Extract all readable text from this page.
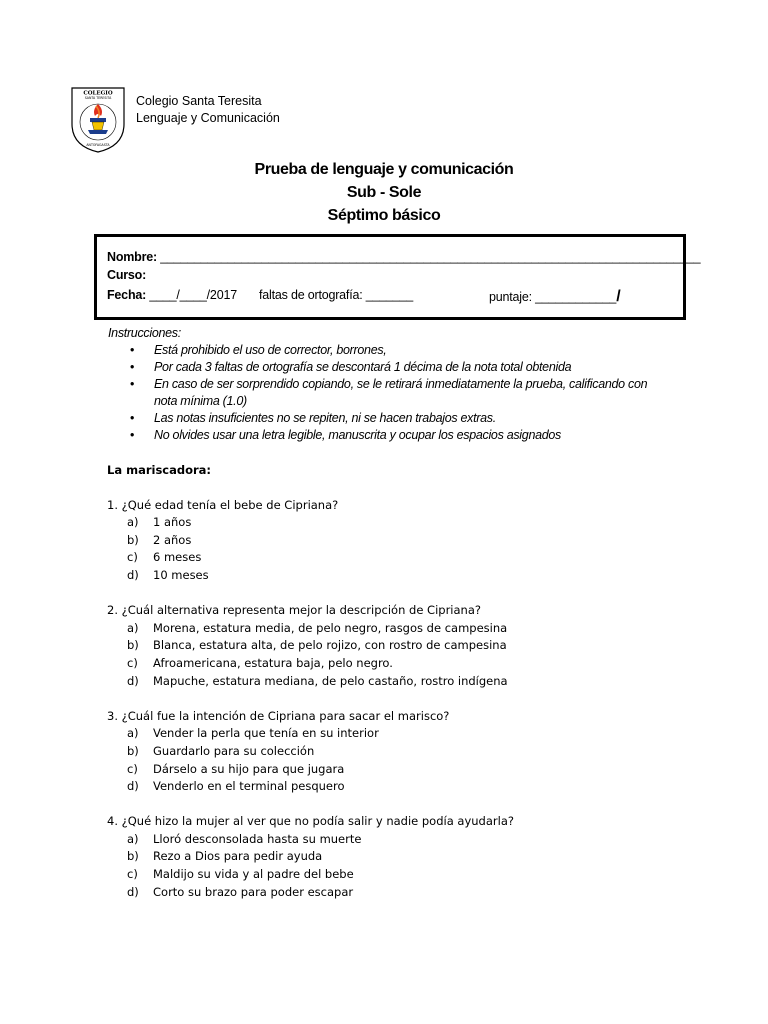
COLEGIO
SANTA TERESITA
ANTOFAGASTA
Colegio Santa Teresita
Lenguaje y Comunicación
Prueba de lenguaje y comunicación
Sub - Sole
Séptimo básico
Nombre: ________________________________________________________________________________
Curso:
Fecha: ____/____/2017 faltas de ortografía: _______	puntaje: ____________/
Instrucciones:
• Está prohibido el uso de corrector, borrones,
• Por cada 3 faltas de ortografía se descontará 1 décima de la nota total obtenida
• En caso de ser sorprendido copiando, se le retirará inmediatamente la prueba, calificando con nota mínima (1.0)
• Las notas insuficientes no se repiten, ni se hacen trabajos extras.
• No olvides usar una letra legible, manuscrita y ocupar los espacios asignados
La mariscadora:
1. ¿Qué edad tenía el bebe de Cipriana?
a)	1 años
b)	2 años
c)	6 meses
d)	10 meses
2. ¿Cuál alternativa representa mejor la descripción de Cipriana?
a)	Morena, estatura media, de pelo negro, rasgos de campesina
b)	Blanca, estatura alta, de pelo rojizo, con rostro de campesina
c)	Afroamericana, estatura baja, pelo negro.
d)	Mapuche, estatura mediana, de pelo castaño, rostro indígena
3. ¿Cuál fue la intención de Cipriana para sacar el marisco?
a)	Vender la perla que tenía en su interior
b)	Guardarlo para su colección
c)	Dárselo a su hijo para que jugara
d)	Venderlo en el terminal pesquero
4. ¿Qué hizo la mujer al ver que no podía salir y nadie podía ayudarla?
a)	Lloró desconsolada hasta su muerte
b)	Rezo a Dios para pedir ayuda
c)	Maldijo su vida y al padre del bebe
d)	Corto su brazo para poder escapar
